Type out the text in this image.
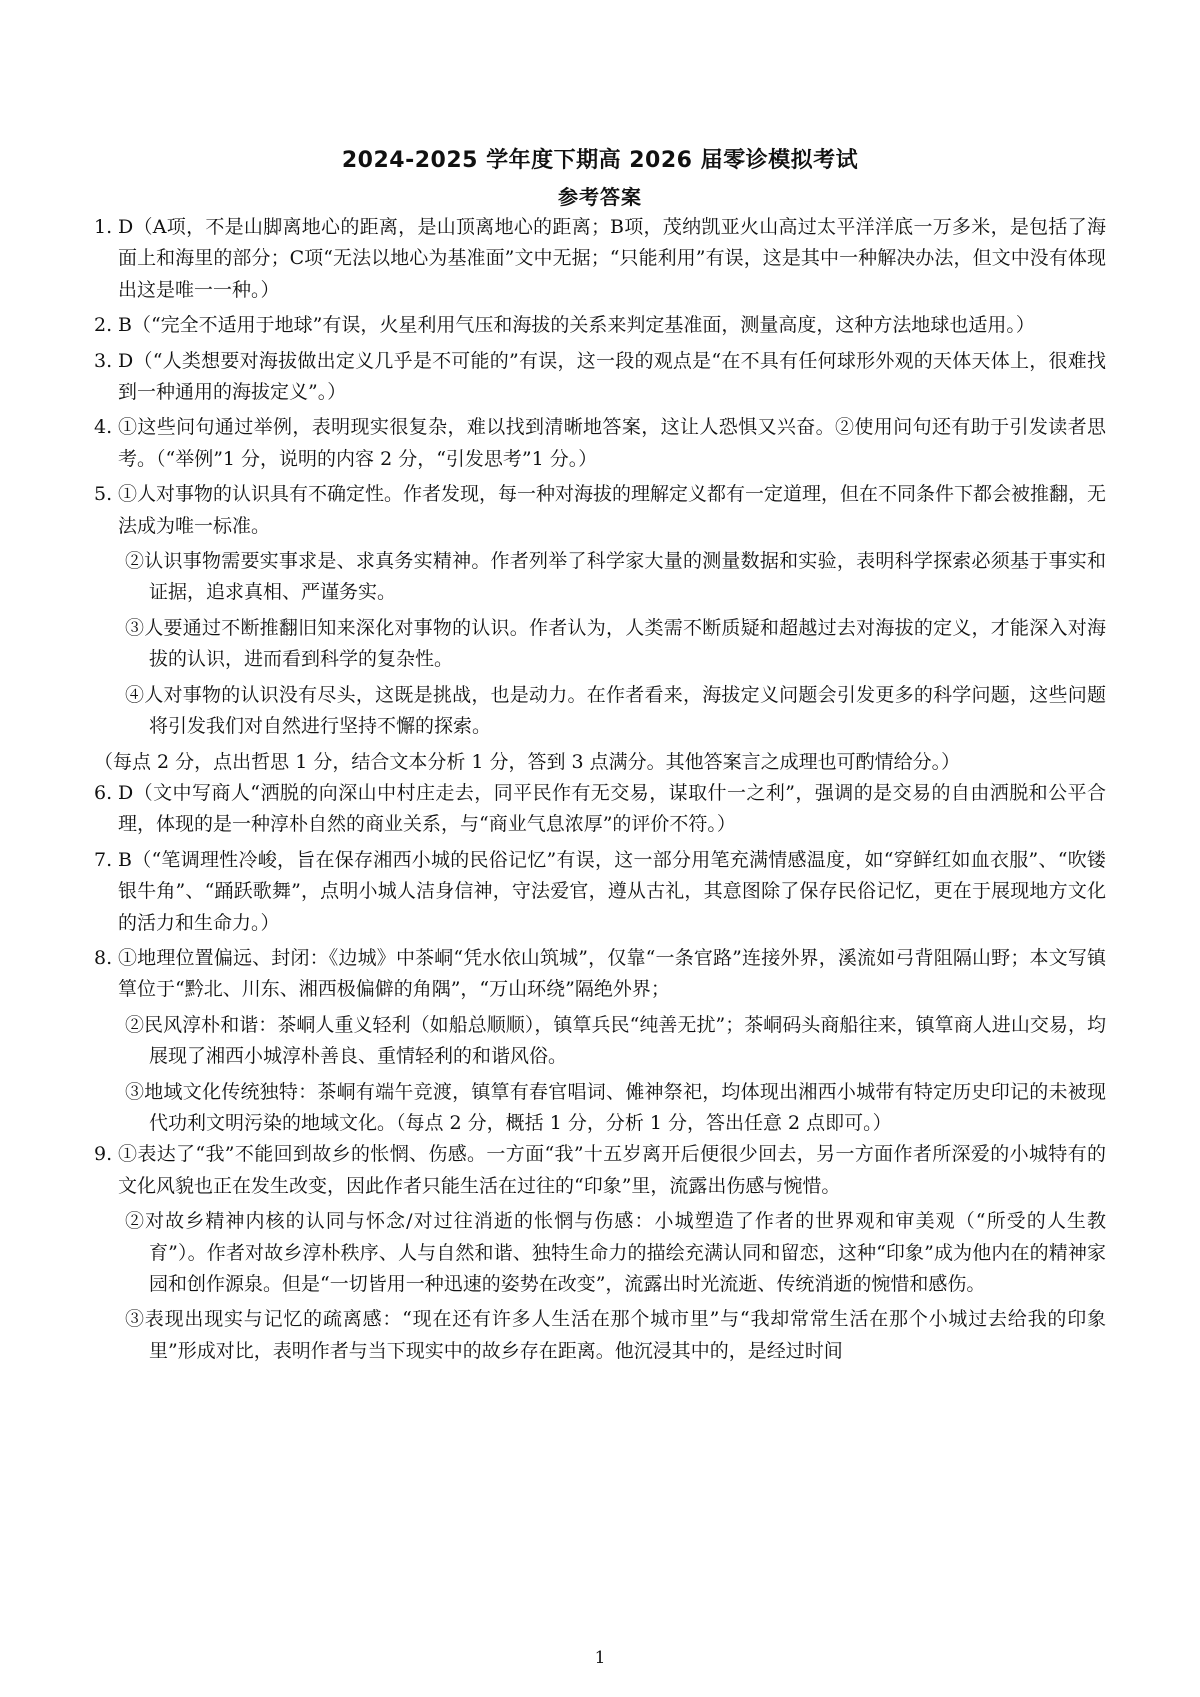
2024-2025 学年度下期高 2026 届零诊模拟考试
参考答案

1. D（A项，不是山脚离地心的距离，是山顶离地心的距离；B项，茂纳凯亚火山高过太平洋洋底一万多米，是包括了海面上和海里的部分；C项“无法以地心为基准面”文中无据；“只能利用”有误，这是其中一种解决办法，但文中没有体现出这是唯一一种。）

2. B（“完全不适用于地球”有误，火星利用气压和海拔的关系来判定基准面，测量高度，这种方法地球也适用。）

3. D（“人类想要对海拔做出定义几乎是不可能的”有误，这一段的观点是“在不具有任何球形外观的天体天体上，很难找到一种通用的海拔定义”。）

4. ①这些问句通过举例，表明现实很复杂，难以找到清晰地答案，这让人恐惧又兴奋。②使用问句还有助于引发读者思考。（“举例”1 分，说明的内容 2 分，“引发思考”1 分。）

5. ①人对事物的认识具有不确定性。作者发现，每一种对海拔的理解定义都有一定道理，但在不同条件下都会被推翻，无法成为唯一标准。

②认识事物需要实事求是、求真务实精神。作者列举了科学家大量的测量数据和实验，表明科学探索必须基于事实和证据，追求真相、严谨务实。

③人要通过不断推翻旧知来深化对事物的认识。作者认为，人类需不断质疑和超越过去对海拔的定义，才能深入对海拔的认识，进而看到科学的复杂性。

④人对事物的认识没有尽头，这既是挑战，也是动力。在作者看来，海拔定义问题会引发更多的科学问题，这些问题将引发我们对自然进行坚持不懈的探索。

（每点 2 分，点出哲思 1 分，结合文本分析 1 分，答到 3 点满分。其他答案言之成理也可酌情给分。）

6. D（文中写商人“洒脱的向深山中村庄走去，同平民作有无交易，谋取什一之利”，强调的是交易的自由洒脱和公平合理，体现的是一种淳朴自然的商业关系，与“商业气息浓厚”的评价不符。）

7. B（“笔调理性冷峻，旨在保存湘西小城的民俗记忆”有误，这一部分用笔充满情感温度，如“穿鲜红如血衣服”、“吹镂银牛角”、“踊跃歌舞”，点明小城人洁身信神，守法爱官，遵从古礼，其意图除了保存民俗记忆，更在于展现地方文化的活力和生命力。）

8. ①地理位置偏远、封闭：《边城》中茶峒“凭水依山筑城”，仅靠“一条官路”连接外界，溪流如弓背阻隔山野；本文写镇筸位于“黔北、川东、湘西极偏僻的角隅”，“万山环绕”隔绝外界；

②民风淳朴和谐：茶峒人重义轻利（如船总顺顺），镇筸兵民“纯善无扰”；茶峒码头商船往来，镇筸商人进山交易，均展现了湘西小城淳朴善良、重情轻利的和谐风俗。

③地域文化传统独特：茶峒有端午竞渡，镇筸有春官唱词、傩神祭祀，均体现出湘西小城带有特定历史印记的未被现代功利文明污染的地域文化。（每点 2 分，概括 1 分，分析 1 分，答出任意 2 点即可。）

9. ①表达了“我”不能回到故乡的怅惘、伤感。一方面“我”十五岁离开后便很少回去，另一方面作者所深爱的小城特有的文化风貌也正在发生改变，因此作者只能生活在过往的“印象”里，流露出伤感与惋惜。

②对故乡精神内核的认同与怀念/对过往消逝的怅惘与伤感：小城塑造了作者的世界观和审美观（“所受的人生教育”）。作者对故乡淳朴秩序、人与自然和谐、独特生命力的描绘充满认同和留恋，这种“印象”成为他内在的精神家园和创作源泉。但是“一切皆用一种迅速的姿势在改变”，流露出时光流逝、传统消逝的惋惜和感伤。

③表现出现实与记忆的疏离感：“现在还有许多人生活在那个城市里”与“我却常常生活在那个小城过去给我的印象里”形成对比，表明作者与当下现实中的故乡存在距离。他沉浸其中的，是经过时间

1
